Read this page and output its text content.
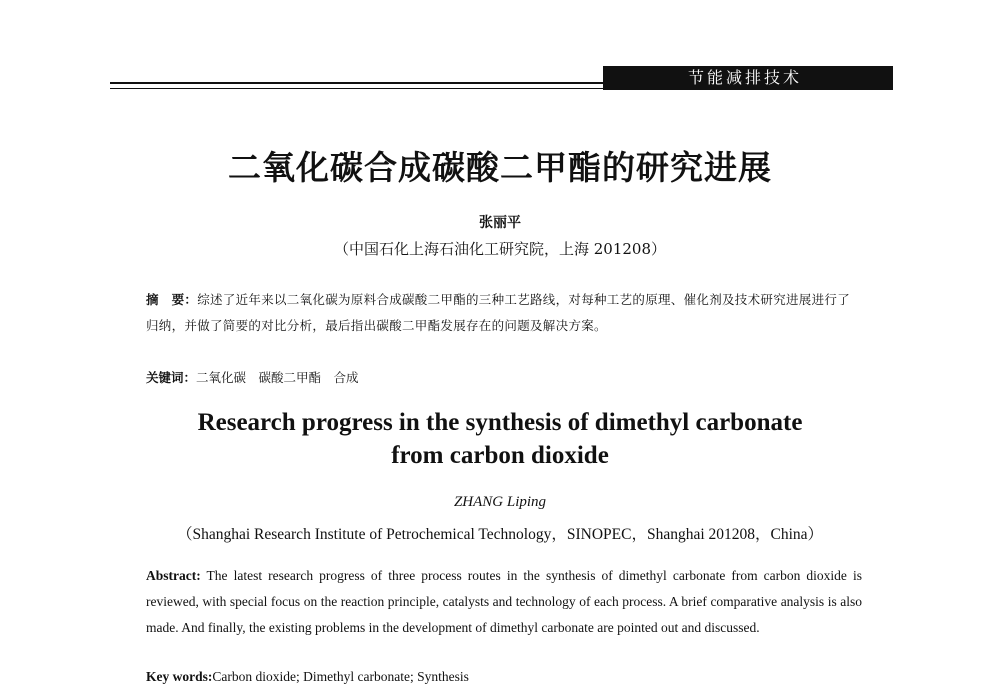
节能减排技术
二氧化碳合成碳酸二甲酯的研究进展
张丽平
（中国石化上海石油化工研究院，上海 201208）
摘　要：综述了近年来以二氧化碳为原料合成碳酸二甲酯的三种工艺路线，对每种工艺的原理、催化剂及技术研究进展进行了归纳，并做了简要的对比分析，最后指出碳酸二甲酯发展存在的问题及解决方案。
关键词：二氧化碳　碳酸二甲酯　合成
Research progress in the synthesis of dimethyl carbonate
from carbon dioxide
ZHANG Liping
（Shanghai Research Institute of Petrochemical Technology，SINOPEC，Shanghai 201208，China）
Abstract: The latest research progress of three process routes in the synthesis of dimethyl carbonate from carbon dioxide is reviewed, with special focus on the reaction principle, catalysts and technology of each process. A brief comparative analysis is also made. And finally, the existing problems in the development of dimethyl carbonate are pointed out and discussed.
Key words:Carbon dioxide; Dimethyl carbonate; Synthesis
